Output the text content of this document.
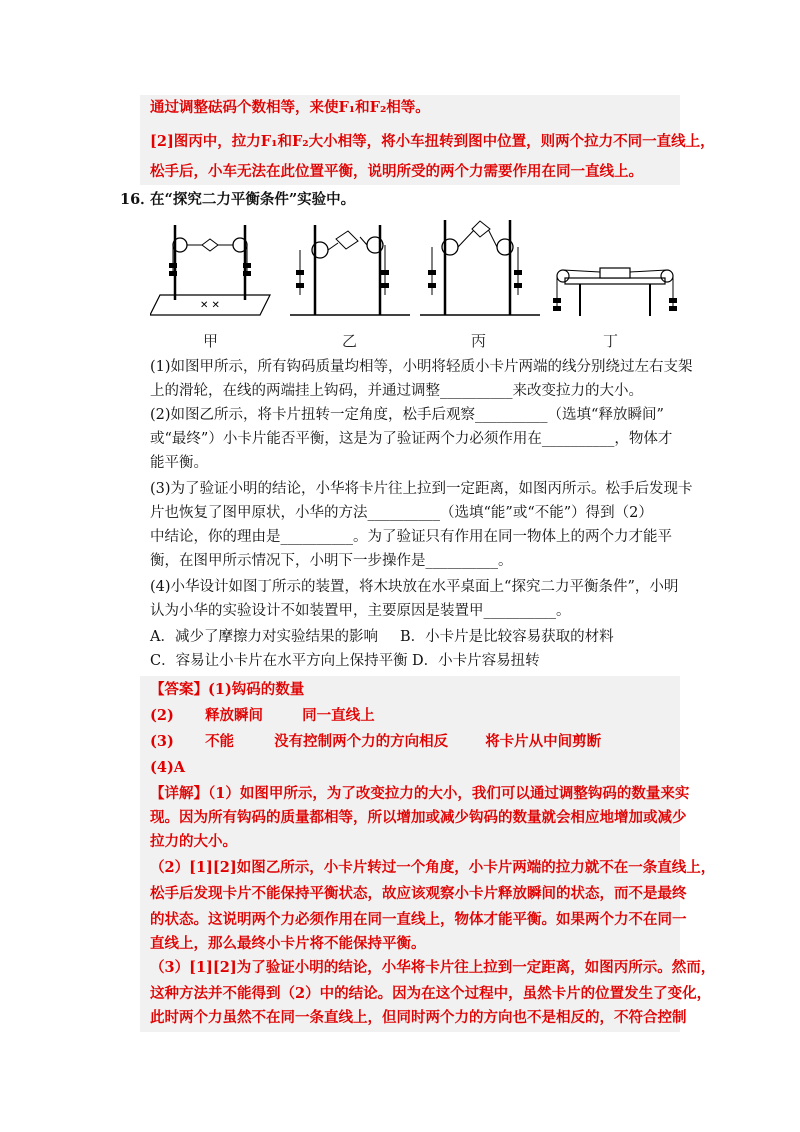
通过调整砝码个数相等，来使F₁和F₂相等。
[2]图丙中，拉力F₁和F₂大小相等，将小车扭转到图中位置，则两个拉力不同一直线上，
松手后，小车无法在此位置平衡，说明所受的两个力需要作用在同一直线上。
16．
在“探究二力平衡条件”实验中。
✕ ✕
甲	乙	丙	丁
(1)如图甲所示，所有钩码质量均相等，小明将轻质小卡片两端的线分别绕过左右支架
上的滑轮，在线的两端挂上钩码，并通过调整__________来改变拉力的大小。
(2)如图乙所示，将卡片扭转一定角度，松手后观察__________（选填“释放瞬间”
或“最终”）小卡片能否平衡，这是为了验证两个力必须作用在__________，物体才
能平衡。
(3)为了验证小明的结论，小华将卡片往上拉到一定距离，如图丙所示。松手后发现卡
片也恢复了图甲原状，小华的方法__________（选填“能”或“不能”）得到（2）
中结论，你的理由是__________。为了验证只有作用在同一物体上的两个力才能平
衡，在图甲所示情况下，小明下一步操作是__________。
(4)小华设计如图丁所示的装置，将木块放在水平桌面上“探究二力平衡条件”，小明
认为小华的实验设计不如装置甲，主要原因是装置甲__________。
A．减少了摩擦力对实验结果的影响 B．小卡片是比较容易获取的材料
C．容易让小卡片在水平方向上保持平衡 D．小卡片容易扭转
【答案】(1)钩码的数量
(2) 释放瞬间	同一直线上
(3) 不能	没有控制两个力的方向相反	将卡片从中间剪断
(4)A
【详解】（1）如图甲所示，为了改变拉力的大小，我们可以通过调整钩码的数量来实
现。因为所有钩码的质量都相等，所以增加或减少钩码的数量就会相应地增加或减少
拉力的大小。
（2）[1][2]如图乙所示，小卡片转过一个角度，小卡片两端的拉力就不在一条直线上，
松手后发现卡片不能保持平衡状态，故应该观察小卡片释放瞬间的状态，而不是最终
的状态。这说明两个力必须作用在同一直线上，物体才能平衡。如果两个力不在同一
直线上，那么最终小卡片将不能保持平衡。
（3）[1][2]为了验证小明的结论，小华将卡片往上拉到一定距离，如图丙所示。然而，
这种方法并不能得到（2）中的结论。因为在这个过程中，虽然卡片的位置发生了变化，
此时两个力虽然不在同一条直线上，但同时两个力的方向也不是相反的，不符合控制
